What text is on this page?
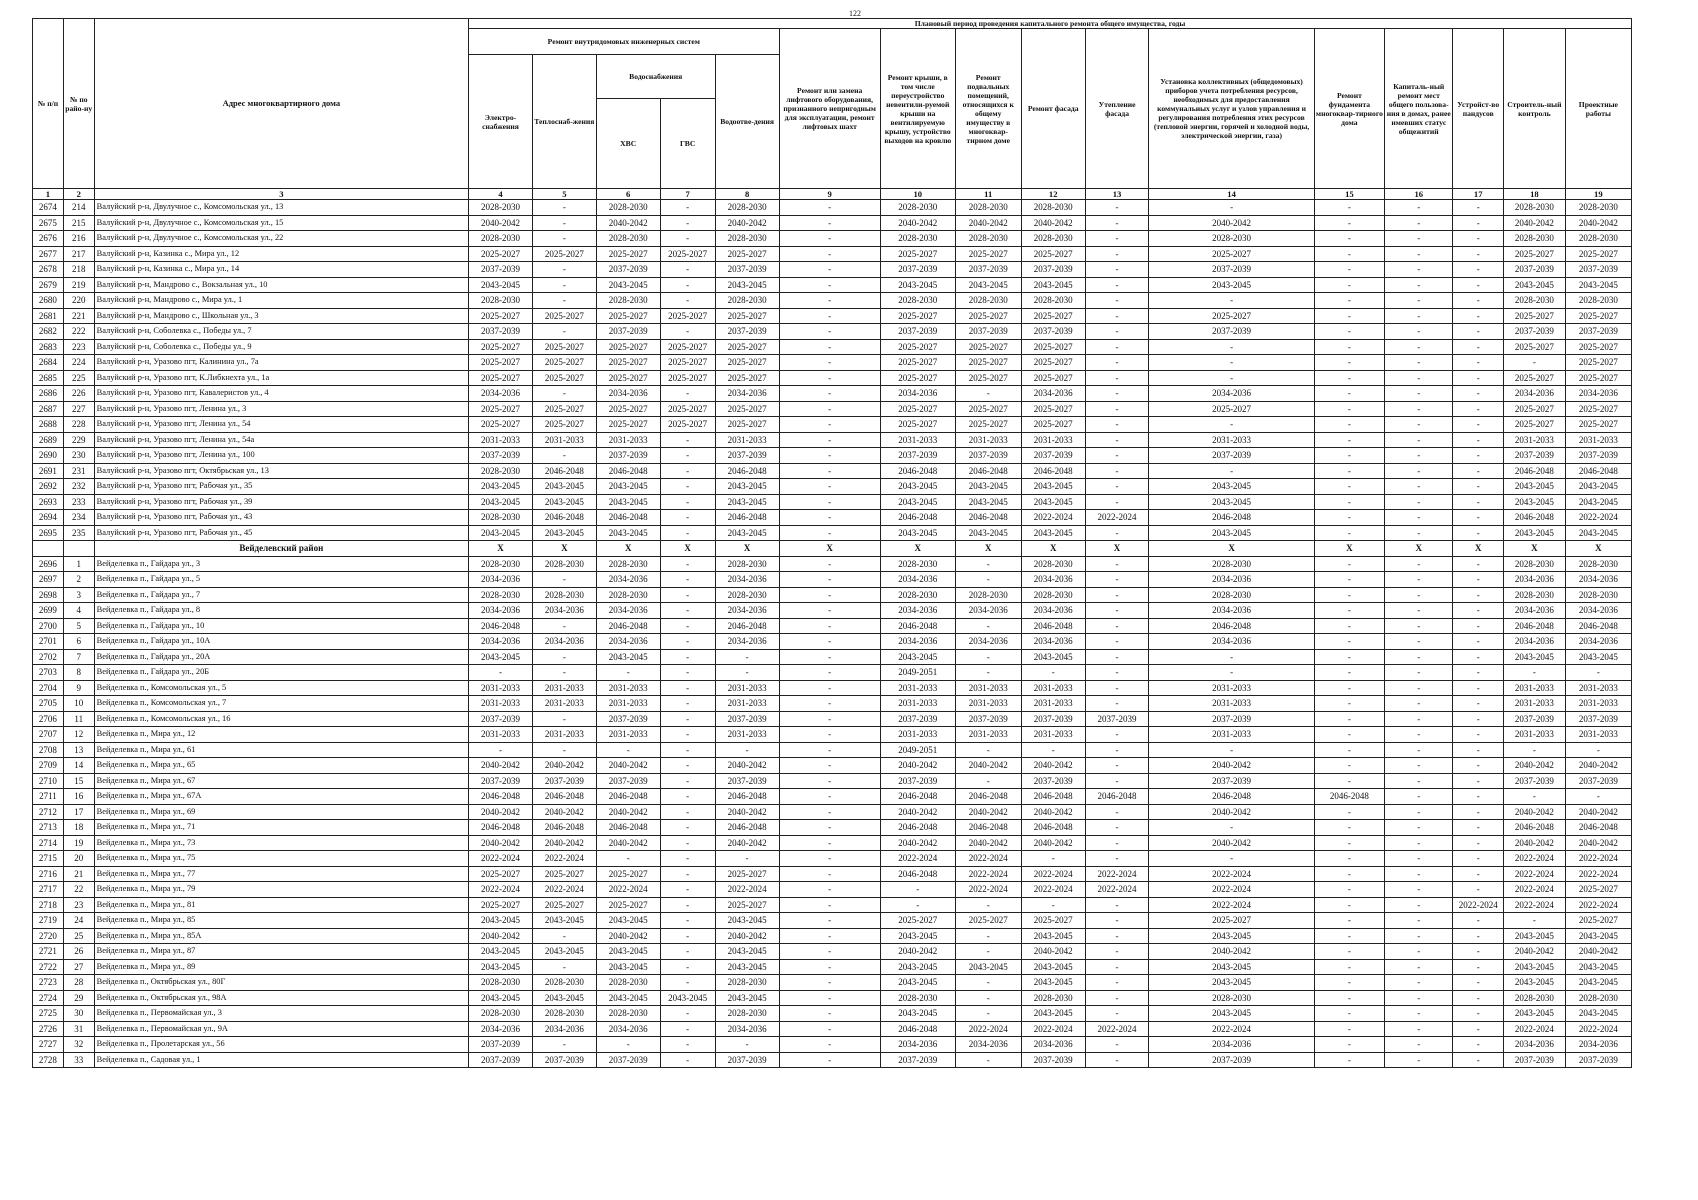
122
№ п/п	№ по райо-ну	Адрес многоквартирного дома	Плановый период проведения капитального ремонта общего имущества, годы															
			Ремонт внутридомовых инженерных систем					Ремонт или замена лифтового оборудования, признанного непригодным для эксплуатации, ремонт лифтовых шахт	Ремонт крыши, в том числе переустройство невентили-руемой крыши на вентилируемую крышу, устройство выходов на кровлю	Ремонт подвальных помещений, относящихся к общему имуществу в многоквар-тирном доме	Ремонт фасада	Утепление фасада	Установка коллективных (общедомовых) приборов учета потребления ресурсов, необходимых для предоставления коммунальных услуг и узлов управления и регулирования потребления этих ресурсов (тепловой энергии, горячей и холодной воды, электрической энергии, газа)	Ремонт фундамента многоквар-тирного дома	Капиталь-ный ремонт мест общего пользова-ния в домах, ранее имевших статус общежитий	Устройст-во пандусов	Строитель-ный контроль	Проектные работы
			Электро-снабжения	Теплоснаб-жения	Водоснабжения		Водоотве-дения											
					ХВС	ГВС												
1	2	3	4	5	6	7	8	9	10	11	12	13	14	15	16	17	18	19
2674	214	Валуйский р-н, Двулучное с., Комсомольская ул., 13	2028-2030	-	2028-2030	-	2028-2030	-	2028-2030	2028-2030	2028-2030	-	-	-	-	-	2028-2030	2028-2030
2675	215	Валуйский р-н, Двулучное с., Комсомольская ул., 15	2040-2042	-	2040-2042	-	2040-2042	-	2040-2042	2040-2042	2040-2042	-	2040-2042	-	-	-	2040-2042	2040-2042
2676	216	Валуйский р-н, Двулучное с., Комсомольская ул., 22	2028-2030	-	2028-2030	-	2028-2030	-	2028-2030	2028-2030	2028-2030	-	2028-2030	-	-	-	2028-2030	2028-2030
2677	217	Валуйский р-н, Казинка с., Мира ул., 12	2025-2027	2025-2027	2025-2027	2025-2027	2025-2027	-	2025-2027	2025-2027	2025-2027	-	2025-2027	-	-	-	2025-2027	2025-2027
2678	218	Валуйский р-н, Казинка с., Мира ул., 14	2037-2039	-	2037-2039	-	2037-2039	-	2037-2039	2037-2039	2037-2039	-	2037-2039	-	-	-	2037-2039	2037-2039
2679	219	Валуйский р-н, Мандрово с., Вокзальная ул., 10	2043-2045	-	2043-2045	-	2043-2045	-	2043-2045	2043-2045	2043-2045	-	2043-2045	-	-	-	2043-2045	2043-2045
2680	220	Валуйский р-н, Мандрово с., Мира ул., 1	2028-2030	-	2028-2030	-	2028-2030	-	2028-2030	2028-2030	2028-2030	-	-	-	-	-	2028-2030	2028-2030
2681	221	Валуйский р-н, Мандрово с., Школьная ул., 3	2025-2027	2025-2027	2025-2027	2025-2027	2025-2027	-	2025-2027	2025-2027	2025-2027	-	2025-2027	-	-	-	2025-2027	2025-2027
2682	222	Валуйский р-н, Соболевка с., Победы ул., 7	2037-2039	-	2037-2039	-	2037-2039	-	2037-2039	2037-2039	2037-2039	-	2037-2039	-	-	-	2037-2039	2037-2039
2683	223	Валуйский р-н, Соболевка с., Победы ул., 9	2025-2027	2025-2027	2025-2027	2025-2027	2025-2027	-	2025-2027	2025-2027	2025-2027	-	-	-	-	-	2025-2027	2025-2027
2684	224	Валуйский р-н, Уразово пгт, Калинина ул., 7а	2025-2027	2025-2027	2025-2027	2025-2027	2025-2027	-	2025-2027	2025-2027	2025-2027	-	-	-	-	-	-	2025-2027
2685	225	Валуйский р-н, Уразово пгт, К.Либкнехта ул., 1а	2025-2027	2025-2027	2025-2027	2025-2027	2025-2027	-	2025-2027	2025-2027	2025-2027	-	-	-	-	-	2025-2027	2025-2027
2686	226	Валуйский р-н, Уразово пгт, Кавалеристов ул., 4	2034-2036	-	2034-2036	-	2034-2036	-	2034-2036	-	2034-2036	-	2034-2036	-	-	-	2034-2036	2034-2036
2687	227	Валуйский р-н, Уразово пгт, Ленина ул., 3	2025-2027	2025-2027	2025-2027	2025-2027	2025-2027	-	2025-2027	2025-2027	2025-2027	-	2025-2027	-	-	-	2025-2027	2025-2027
2688	228	Валуйский р-н, Уразово пгт, Ленина ул., 54	2025-2027	2025-2027	2025-2027	2025-2027	2025-2027	-	2025-2027	2025-2027	2025-2027	-	-	-	-	-	2025-2027	2025-2027
2689	229	Валуйский р-н, Уразово пгт, Ленина ул., 54а	2031-2033	2031-2033	2031-2033	-	2031-2033	-	2031-2033	2031-2033	2031-2033	-	2031-2033	-	-	-	2031-2033	2031-2033
2690	230	Валуйский р-н, Уразово пгт, Ленина ул., 100	2037-2039	-	2037-2039	-	2037-2039	-	2037-2039	2037-2039	2037-2039	-	2037-2039	-	-	-	2037-2039	2037-2039
2691	231	Валуйский р-н, Уразово пгт, Октябрьская ул., 13	2028-2030	2046-2048	2046-2048	-	2046-2048	-	2046-2048	2046-2048	2046-2048	-	-	-	-	-	2046-2048	2046-2048
2692	232	Валуйский р-н, Уразово пгт, Рабочая ул., 35	2043-2045	2043-2045	2043-2045	-	2043-2045	-	2043-2045	2043-2045	2043-2045	-	2043-2045	-	-	-	2043-2045	2043-2045
2693	233	Валуйский р-н, Уразово пгт, Рабочая ул., 39	2043-2045	2043-2045	2043-2045	-	2043-2045	-	2043-2045	2043-2045	2043-2045	-	2043-2045	-	-	-	2043-2045	2043-2045
2694	234	Валуйский р-н, Уразово пгт, Рабочая ул., 43	2028-2030	2046-2048	2046-2048	-	2046-2048	-	2046-2048	2046-2048	2022-2024	2022-2024	2046-2048	-	-	-	2046-2048	2022-2024
2695	235	Валуйский р-н, Уразово пгт, Рабочая ул., 45	2043-2045	2043-2045	2043-2045	-	2043-2045	-	2043-2045	2043-2045	2043-2045	-	2043-2045	-	-	-	2043-2045	2043-2045
		Вейделевский район	X	X	X	X	X	X	X	X	X	X	X	X	X	X	X	X
2696	1	Вейделевка п., Гайдара ул., 3	2028-2030	2028-2030	2028-2030	-	2028-2030	-	2028-2030	-	2028-2030	-	2028-2030	-	-	-	2028-2030	2028-2030
2697	2	Вейделевка п., Гайдара ул., 5	2034-2036	-	2034-2036	-	2034-2036	-	2034-2036	-	2034-2036	-	2034-2036	-	-	-	2034-2036	2034-2036
2698	3	Вейделевка п., Гайдара ул., 7	2028-2030	2028-2030	2028-2030	-	2028-2030	-	2028-2030	2028-2030	2028-2030	-	2028-2030	-	-	-	2028-2030	2028-2030
2699	4	Вейделевка п., Гайдара ул., 8	2034-2036	2034-2036	2034-2036	-	2034-2036	-	2034-2036	2034-2036	2034-2036	-	2034-2036	-	-	-	2034-2036	2034-2036
2700	5	Вейделевка п., Гайдара ул., 10	2046-2048	-	2046-2048	-	2046-2048	-	2046-2048	-	2046-2048	-	2046-2048	-	-	-	2046-2048	2046-2048
2701	6	Вейделевка п., Гайдара ул., 10А	2034-2036	2034-2036	2034-2036	-	2034-2036	-	2034-2036	2034-2036	2034-2036	-	2034-2036	-	-	-	2034-2036	2034-2036
2702	7	Вейделевка п., Гайдара ул., 20А	2043-2045	-	2043-2045	-	-	-	2043-2045	-	2043-2045	-	-	-	-	-	2043-2045	2043-2045
2703	8	Вейделевка п., Гайдара ул., 20Б	-	-	-	-	-	-	2049-2051	-	-	-	-	-	-	-	-	-
2704	9	Вейделевка п., Комсомольская ул., 5	2031-2033	2031-2033	2031-2033	-	2031-2033	-	2031-2033	2031-2033	2031-2033	-	2031-2033	-	-	-	2031-2033	2031-2033
2705	10	Вейделевка п., Комсомольская ул., 7	2031-2033	2031-2033	2031-2033	-	2031-2033	-	2031-2033	2031-2033	2031-2033	-	2031-2033	-	-	-	2031-2033	2031-2033
2706	11	Вейделевка п., Комсомольская ул., 16	2037-2039	-	2037-2039	-	2037-2039	-	2037-2039	2037-2039	2037-2039	2037-2039	2037-2039	-	-	-	2037-2039	2037-2039
2707	12	Вейделевка п., Мира ул., 12	2031-2033	2031-2033	2031-2033	-	2031-2033	-	2031-2033	2031-2033	2031-2033	-	2031-2033	-	-	-	2031-2033	2031-2033
2708	13	Вейделевка п., Мира ул., 61	-	-	-	-	-	-	2049-2051	-	-	-	-	-	-	-	-	-
2709	14	Вейделевка п., Мира ул., 65	2040-2042	2040-2042	2040-2042	-	2040-2042	-	2040-2042	2040-2042	2040-2042	-	2040-2042	-	-	-	2040-2042	2040-2042
2710	15	Вейделевка п., Мира ул., 67	2037-2039	2037-2039	2037-2039	-	2037-2039	-	2037-2039	-	2037-2039	-	2037-2039	-	-	-	2037-2039	2037-2039
2711	16	Вейделевка п., Мира ул., 67А	2046-2048	2046-2048	2046-2048	-	2046-2048	-	2046-2048	2046-2048	2046-2048	2046-2048	2046-2048	2046-2048	-	-	-	-
2712	17	Вейделевка п., Мира ул., 69	2040-2042	2040-2042	2040-2042	-	2040-2042	-	2040-2042	2040-2042	2040-2042	-	2040-2042	-	-	-	2040-2042	2040-2042
2713	18	Вейделевка п., Мира ул., 71	2046-2048	2046-2048	2046-2048	-	2046-2048	-	2046-2048	2046-2048	2046-2048	-	-	-	-	-	2046-2048	2046-2048
2714	19	Вейделевка п., Мира ул., 73	2040-2042	2040-2042	2040-2042	-	2040-2042	-	2040-2042	2040-2042	2040-2042	-	2040-2042	-	-	-	2040-2042	2040-2042
2715	20	Вейделевка п., Мира ул., 75	2022-2024	2022-2024	-	-	-	-	2022-2024	2022-2024	-	-	-	-	-	-	2022-2024	2022-2024
2716	21	Вейделевка п., Мира ул., 77	2025-2027	2025-2027	2025-2027	-	2025-2027	-	2046-2048	2022-2024	2022-2024	2022-2024	2022-2024	-	-	-	2022-2024	2022-2024
2717	22	Вейделевка п., Мира ул., 79	2022-2024	2022-2024	2022-2024	-	2022-2024	-	-	2022-2024	2022-2024	2022-2024	2022-2024	-	-	-	2022-2024	2025-2027
2718	23	Вейделевка п., Мира ул., 81	2025-2027	2025-2027	2025-2027	-	2025-2027	-	-	-	-	-	2022-2024	-	-	2022-2024	2022-2024	2022-2024
2719	24	Вейделевка п., Мира ул., 85	2043-2045	2043-2045	2043-2045	-	2043-2045	-	2025-2027	2025-2027	2025-2027	-	2025-2027	-	-	-	-	2025-2027
2720	25	Вейделевка п., Мира ул., 85А	2040-2042	-	2040-2042	-	2040-2042	-	2043-2045	-	2043-2045	-	2043-2045	-	-	-	2043-2045	2043-2045
2721	26	Вейделевка п., Мира ул., 87	2043-2045	2043-2045	2043-2045	-	2043-2045	-	2040-2042	-	2040-2042	-	2040-2042	-	-	-	2040-2042	2040-2042
2722	27	Вейделевка п., Мира ул., 89	2043-2045	-	2043-2045	-	2043-2045	-	2043-2045	2043-2045	2043-2045	-	2043-2045	-	-	-	2043-2045	2043-2045
2723	28	Вейделевка п., Октябрьская ул., 80Г	2028-2030	2028-2030	2028-2030	-	2028-2030	-	2043-2045	-	2043-2045	-	2043-2045	-	-	-	2043-2045	2043-2045
2724	29	Вейделевка п., Октябрьская ул., 98А	2043-2045	2043-2045	2043-2045	2043-2045	2043-2045	-	2028-2030	-	2028-2030	-	2028-2030	-	-	-	2028-2030	2028-2030
2725	30	Вейделевка п., Первомайская ул., 3	2028-2030	2028-2030	2028-2030	-	2028-2030	-	2043-2045	-	2043-2045	-	2043-2045	-	-	-	2043-2045	2043-2045
2726	31	Вейделевка п., Первомайская ул., 9А	2034-2036	2034-2036	2034-2036	-	2034-2036	-	2046-2048	2022-2024	2022-2024	2022-2024	2022-2024	-	-	-	2022-2024	2022-2024
2727	32	Вейделевка п., Пролетарская ул., 56	2037-2039	-	-	-	-	-	2034-2036	2034-2036	2034-2036	-	2034-2036	-	-	-	2034-2036	2034-2036
2728	33	Вейделевка п., Садовая ул., 1	2037-2039	2037-2039	2037-2039	-	2037-2039	-	2037-2039	-	2037-2039	-	2037-2039	-	-	-	2037-2039	2037-2039
